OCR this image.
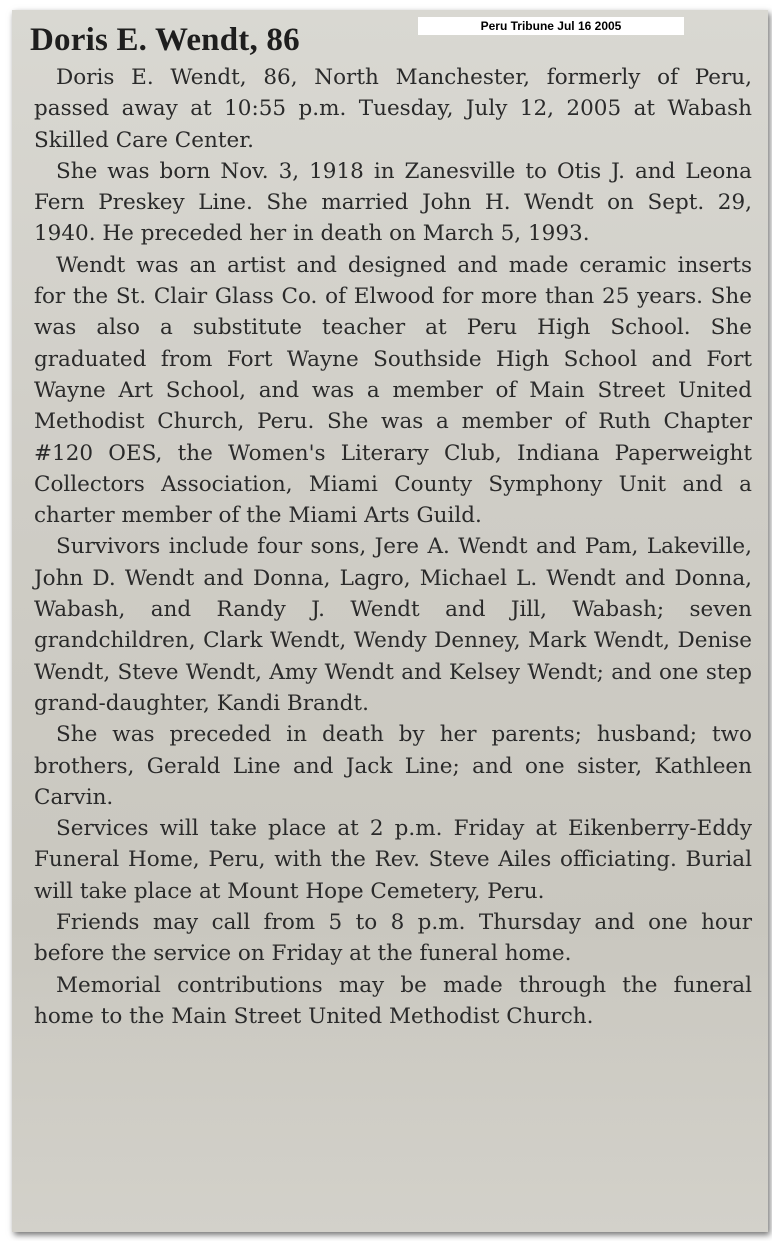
Peru Tribune Jul 16 2005
Doris E. Wendt, 86

Doris E. Wendt, 86, North Manchester, formerly of Peru, passed away at 10:55 p.m. Tuesday, July 12, 2005 at Wabash Skilled Care Center.

She was born Nov. 3, 1918 in Zanesville to Otis J. and Leona Fern Preskey Line. She married John H. Wendt on Sept. 29, 1940. He preceded her in death on March 5, 1993.

Wendt was an artist and designed and made ceramic inserts for the St. Clair Glass Co. of Elwood for more than 25 years. She was also a substitute teacher at Peru High School. She graduated from Fort Wayne Southside High School and Fort Wayne Art School, and was a member of Main Street United Methodist Church, Peru. She was a member of Ruth Chapter #120 OES, the Women's Literary Club, Indiana Paperweight Collectors Association, Miami County Symphony Unit and a charter member of the Miami Arts Guild.

Survivors include four sons, Jere A. Wendt and Pam, Lakeville, John D. Wendt and Donna, Lagro, Michael L. Wendt and Donna, Wabash, and Randy J. Wendt and Jill, Wabash; seven grandchildren, Clark Wendt, Wendy Denney, Mark Wendt, Denise Wendt, Steve Wendt, Amy Wendt and Kelsey Wendt; and one step grand-daughter, Kandi Brandt.

She was preceded in death by her parents; husband; two brothers, Gerald Line and Jack Line; and one sister, Kathleen Carvin.

Services will take place at 2 p.m. Friday at Eikenberry-Eddy Funeral Home, Peru, with the Rev. Steve Ailes officiating. Burial will take place at Mount Hope Cemetery, Peru.

Friends may call from 5 to 8 p.m. Thursday and one hour before the service on Friday at the funeral home.

Memorial contributions may be made through the funeral home to the Main Street United Methodist Church.
